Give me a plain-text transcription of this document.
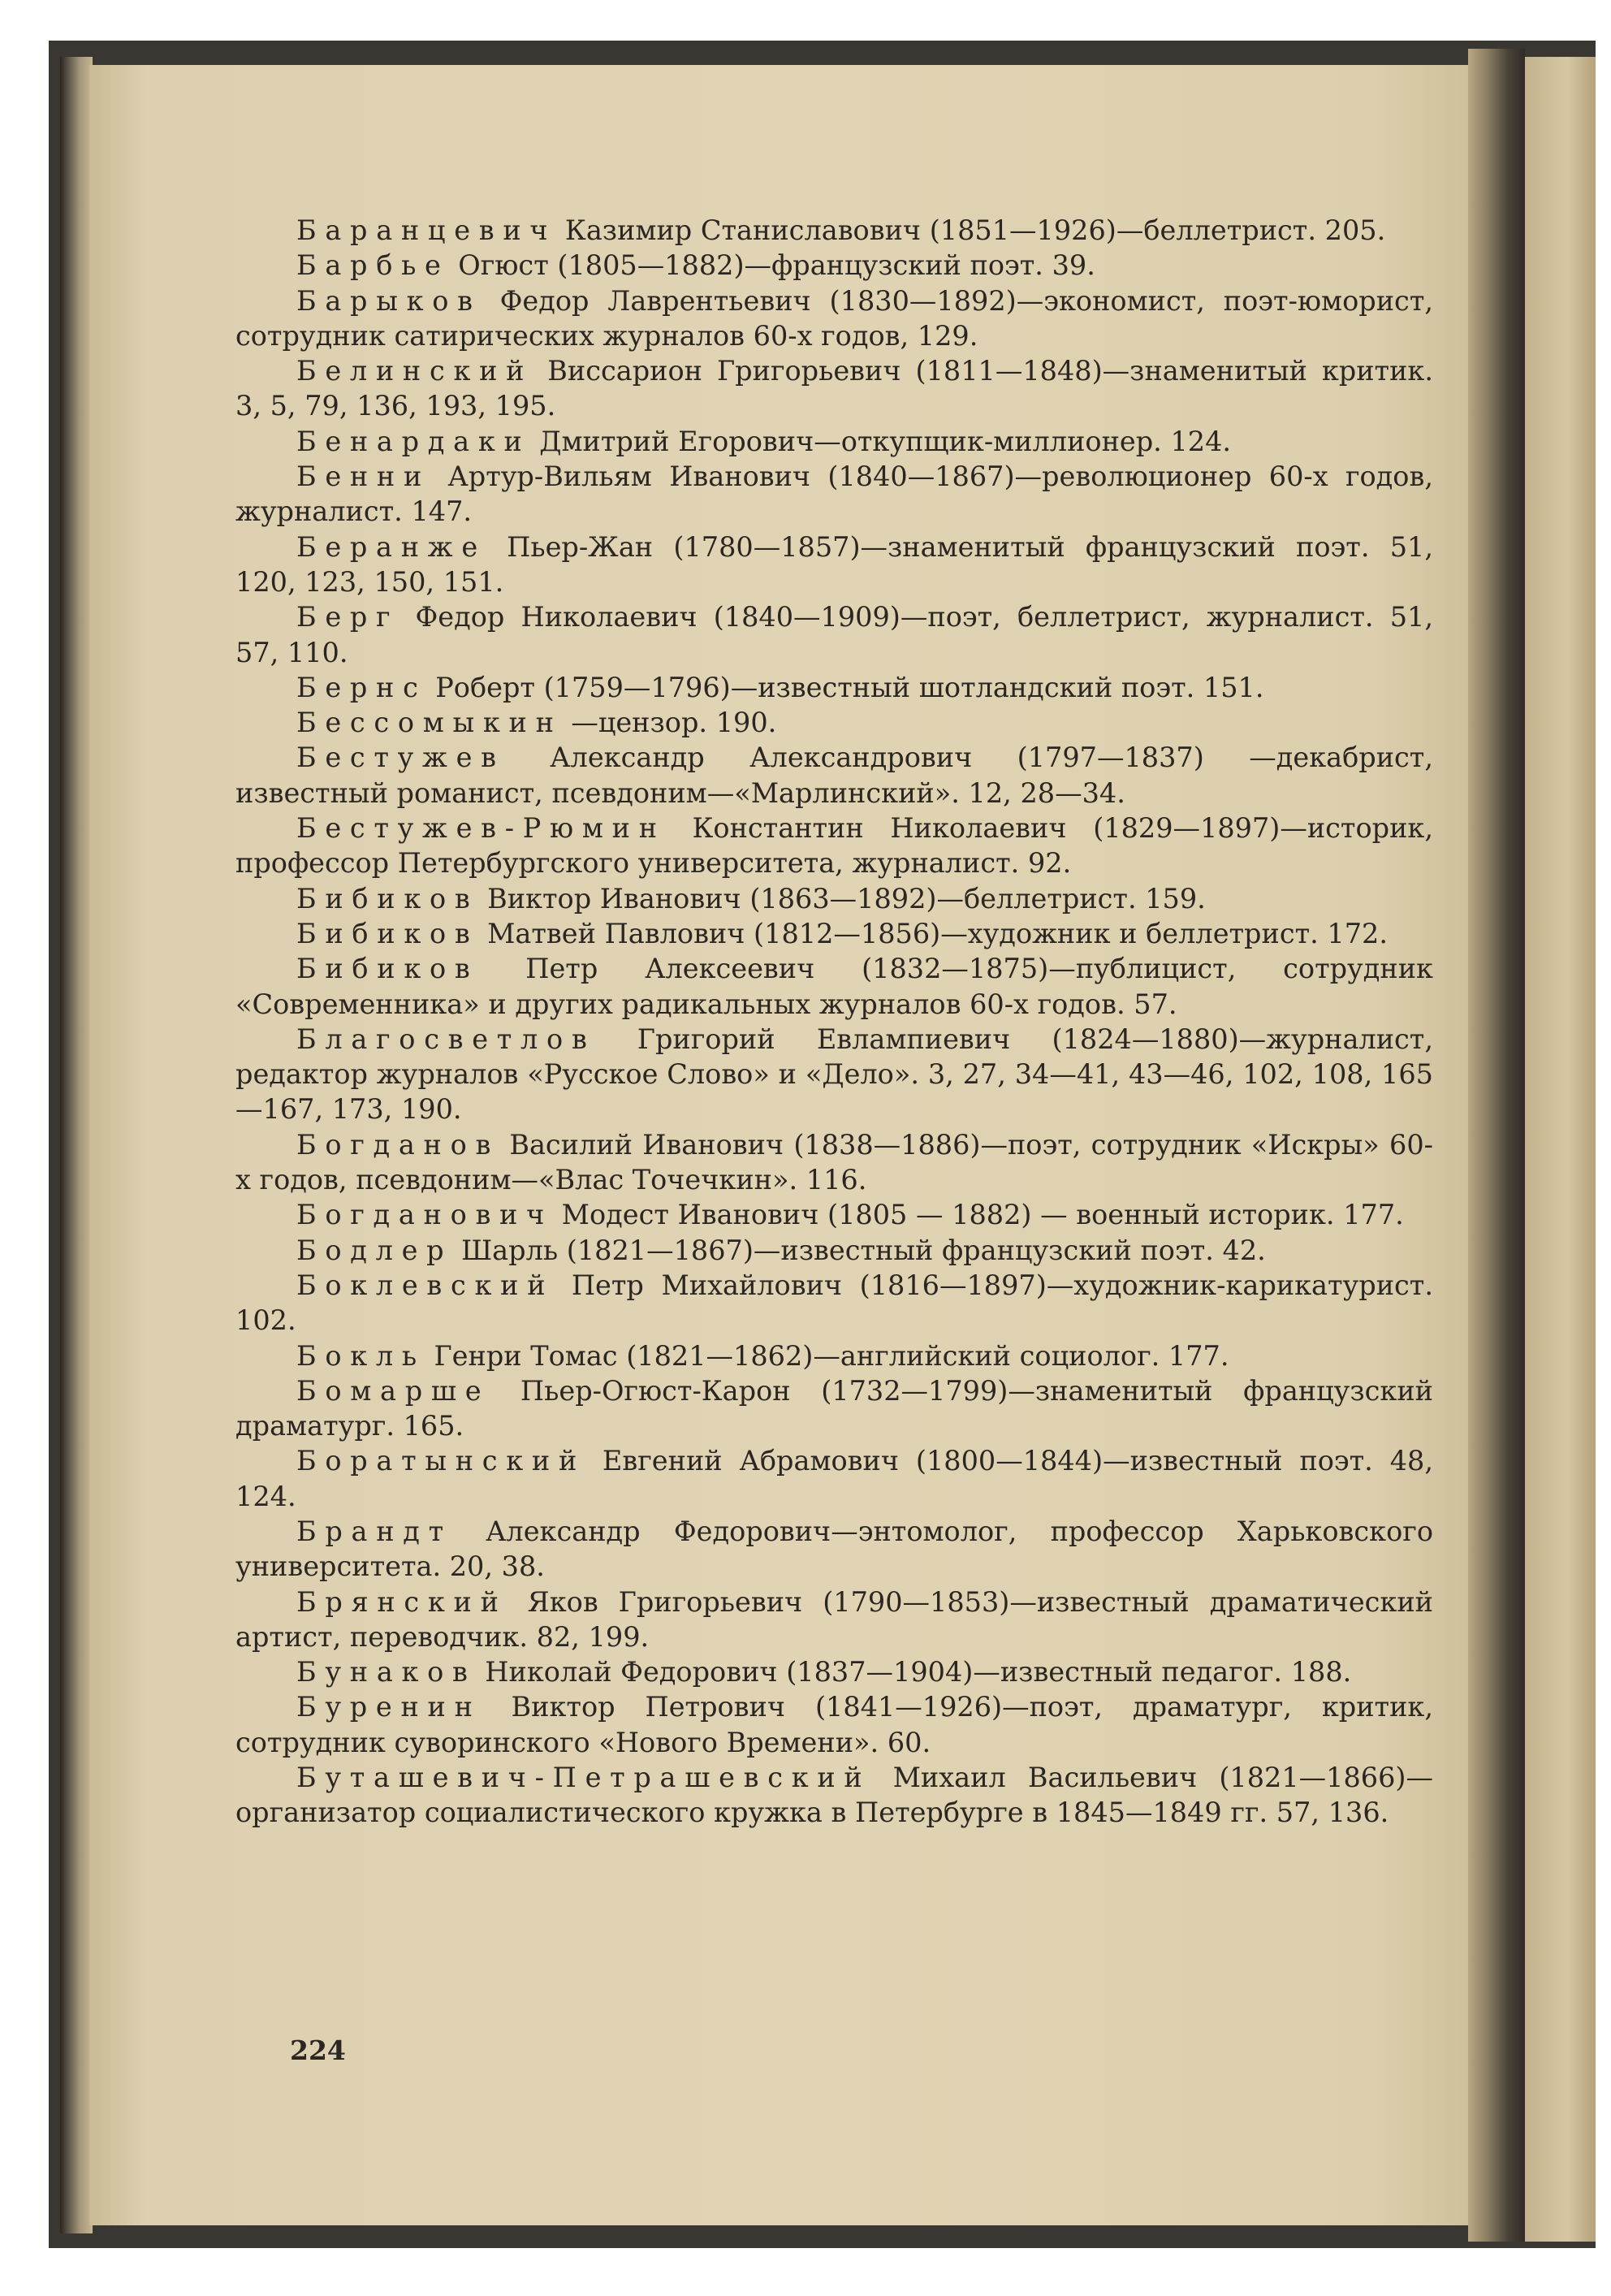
Баранцевич Казимир Станиславович (1851—1926)—беллетрист. 205.

Барбье Огюст (1805—1882)—французский поэт. 39.

Барыков Федор Лаврентьевич (1830—1892)—экономист, поэт-юморист, сотрудник сатирических журналов 60-х годов, 129.

Белинский Виссарион Григорьевич (1811—1848)—знаменитый критик. 3, 5, 79, 136, 193, 195.

Бенардаки Дмитрий Егорович—откупщик-миллионер. 124.

Бенни Артур-Вильям Иванович (1840—1867)—революционер 60-х годов, журналист. 147.

Беранже Пьер-Жан (1780—1857)—знаменитый французский поэт. 51, 120, 123, 150, 151.

Берг Федор Николаевич (1840—1909)—поэт, беллетрист, журналист. 51, 57, 110.

Бернс Роберт (1759—1796)—известный шотландский поэт. 151.

Бессомыкин —цензор. 190.

Бестужев Александр Александрович (1797—1837) —декабрист, известный романист, псевдоним—«Марлинский». 12, 28—34.

Бестужев-Рюмин Константин Николаевич (1829—1897)—историк, профессор Петербургского университета, журналист. 92.

Бибиков Виктор Иванович (1863—1892)—беллетрист. 159.

Бибиков Матвей Павлович (1812—1856)—художник и беллетрист. 172.

Бибиков Петр Алексеевич (1832—1875)—публицист, сотрудник «Современника» и других радикальных журналов 60-х годов. 57.

Благосветлов Григорий Евлампиевич (1824—1880)—журналист, редактор журналов «Русское Слово» и «Дело». 3, 27, 34—41, 43—46, 102, 108, 165—167, 173, 190.

Богданов Василий Иванович (1838—1886)—поэт, сотрудник «Искры» 60-х годов, псевдоним—«Влас Точечкин». 116.

Богданович Модест Иванович (1805 — 1882) — военный историк. 177.

Бодлер Шарль (1821—1867)—известный французский поэт. 42.

Боклевский Петр Михайлович (1816—1897)—художник-карикатурист. 102.

Бокль Генри Томас (1821—1862)—английский социолог. 177.

Бомарше Пьер-Огюст-Карон (1732—1799)—знаменитый французский драматург. 165.

Боратынский Евгений Абрамович (1800—1844)—известный поэт. 48, 124.

Брандт Александр Федорович—энтомолог, профессор Харьковского университета. 20, 38.

Брянский Яков Григорьевич (1790—1853)—известный драматический артист, переводчик. 82, 199.

Бунаков Николай Федорович (1837—1904)—известный педагог. 188.

Буренин Виктор Петрович (1841—1926)—поэт, драматург, критик, сотрудник суворинского «Нового Времени». 60.

Буташевич-Петрашевский Михаил Васильевич (1821—1866)—организатор социалистического кружка в Петербурге в 1845—1849 гг. 57, 136.

224
